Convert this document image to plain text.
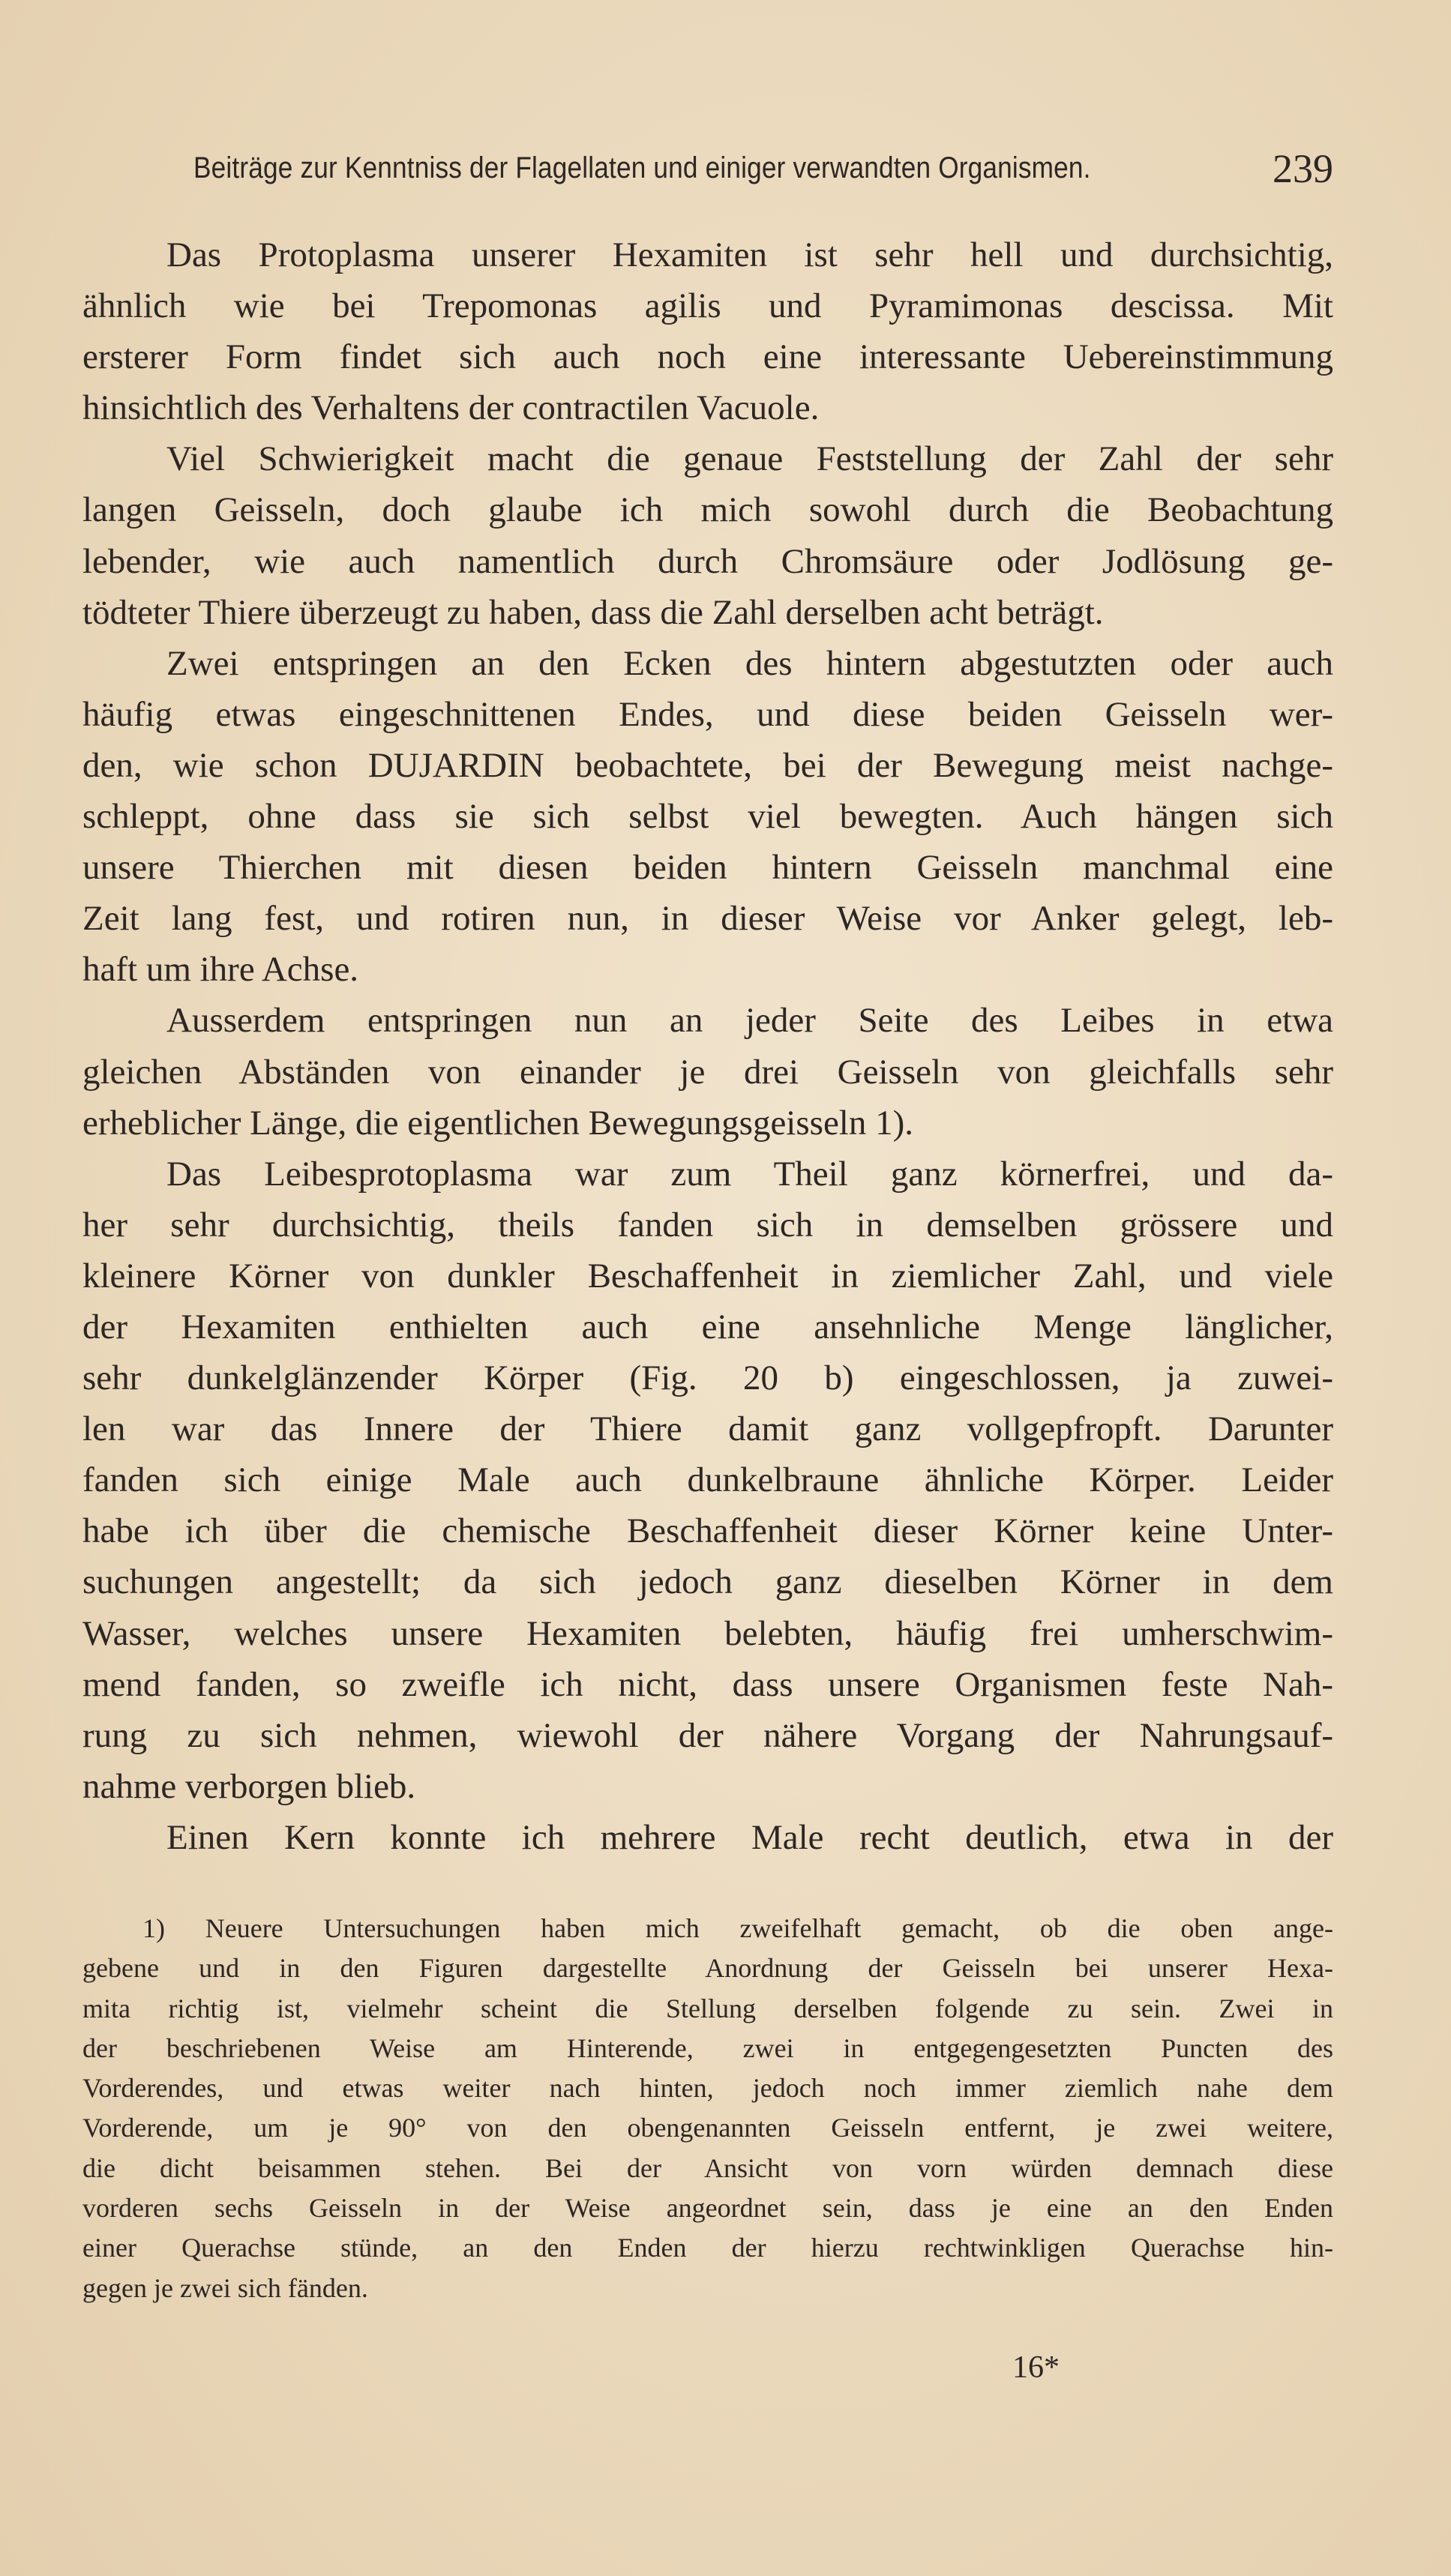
Beiträge zur Kenntniss der Flagellaten und einiger verwandten Organismen.	239
Das Protoplasma unserer Hexamiten ist sehr hell und durchsichtig,
ähnlich wie bei Trepomonas agilis und Pyramimonas descissa. Mit
ersterer Form findet sich auch noch eine interessante Uebereinstimmung
hinsichtlich des Verhaltens der contractilen Vacuole.
Viel Schwierigkeit macht die genaue Feststellung der Zahl der sehr
langen Geisseln, doch glaube ich mich sowohl durch die Beobachtung
lebender, wie auch namentlich durch Chromsäure oder Jodlösung ge-
tödteter Thiere überzeugt zu haben, dass die Zahl derselben acht beträgt.
Zwei entspringen an den Ecken des hintern abgestutzten oder auch
häufig etwas eingeschnittenen Endes, und diese beiden Geisseln wer-
den, wie schon DUJARDIN beobachtete, bei der Bewegung meist nachge-
schleppt, ohne dass sie sich selbst viel bewegten. Auch hängen sich
unsere Thierchen mit diesen beiden hintern Geisseln manchmal eine
Zeit lang fest, und rotiren nun, in dieser Weise vor Anker gelegt, leb-
haft um ihre Achse.
Ausserdem entspringen nun an jeder Seite des Leibes in etwa
gleichen Abständen von einander je drei Geisseln von gleichfalls sehr
erheblicher Länge, die eigentlichen Bewegungsgeisseln 1).
Das Leibesprotoplasma war zum Theil ganz körnerfrei, und da-
her sehr durchsichtig, theils fanden sich in demselben grössere und
kleinere Körner von dunkler Beschaffenheit in ziemlicher Zahl, und viele
der Hexamiten enthielten auch eine ansehnliche Menge länglicher,
sehr dunkelglänzender Körper (Fig. 20 b) eingeschlossen, ja zuwei-
len war das Innere der Thiere damit ganz vollgepfropft. Darunter
fanden sich einige Male auch dunkelbraune ähnliche Körper. Leider
habe ich über die chemische Beschaffenheit dieser Körner keine Unter-
suchungen angestellt; da sich jedoch ganz dieselben Körner in dem
Wasser, welches unsere Hexamiten belebten, häufig frei umherschwim-
mend fanden, so zweifle ich nicht, dass unsere Organismen feste Nah-
rung zu sich nehmen, wiewohl der nähere Vorgang der Nahrungsauf-
nahme verborgen blieb.
Einen Kern konnte ich mehrere Male recht deutlich, etwa in der
1) Neuere Untersuchungen haben mich zweifelhaft gemacht, ob die oben ange-
gebene und in den Figuren dargestellte Anordnung der Geisseln bei unserer Hexa-
mita richtig ist, vielmehr scheint die Stellung derselben folgende zu sein. Zwei in
der beschriebenen Weise am Hinterende, zwei in entgegengesetzten Puncten des
Vorderendes, und etwas weiter nach hinten, jedoch noch immer ziemlich nahe dem
Vorderende, um je 90° von den obengenannten Geisseln entfernt, je zwei weitere,
die dicht beisammen stehen. Bei der Ansicht von vorn würden demnach diese
vorderen sechs Geisseln in der Weise angeordnet sein, dass je eine an den Enden
einer Querachse stünde, an den Enden der hierzu rechtwinkligen Querachse hin-
gegen je zwei sich fänden.
16*
